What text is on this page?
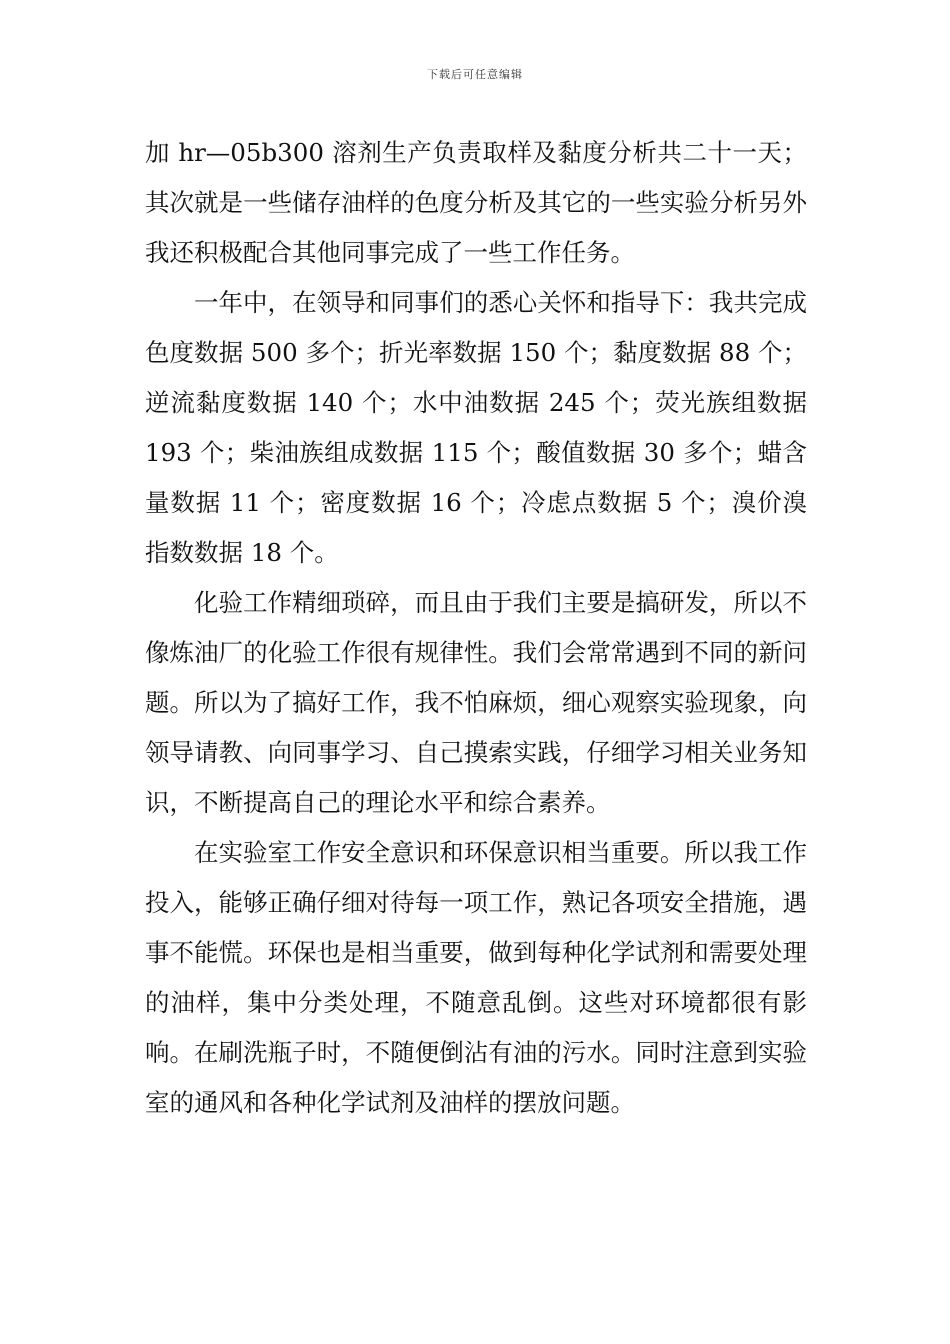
下载后可任意编辑

加 hr—05b300 溶剂生产负责取样及黏度分析共二十一天；其次就是一些储存油样的色度分析及其它的一些实验分析另外我还积极配合其他同事完成了一些工作任务。

一年中，在领导和同事们的悉心关怀和指导下：我共完成色度数据 500 多个；折光率数据 150 个；黏度数据 88 个；逆流黏度数据 140 个；水中油数据 245 个；荧光族组数据 193 个；柴油族组成数据 115 个；酸值数据 30 多个；蜡含量数据 11 个；密度数据 16 个；冷虑点数据 5 个；溴价溴指数数据 18 个。

化验工作精细琐碎，而且由于我们主要是搞研发，所以不像炼油厂的化验工作很有规律性。我们会常常遇到不同的新问题。所以为了搞好工作，我不怕麻烦，细心观察实验现象，向领导请教、向同事学习、自己摸索实践，仔细学习相关业务知识，不断提高自己的理论水平和综合素养。

在实验室工作安全意识和环保意识相当重要。所以我工作投入，能够正确仔细对待每一项工作，熟记各项安全措施，遇事不能慌。环保也是相当重要，做到每种化学试剂和需要处理的油样，集中分类处理，不随意乱倒。这些对环境都很有影响。在刷洗瓶子时，不随便倒沾有油的污水。同时注意到实验室的通风和各种化学试剂及油样的摆放问题。
